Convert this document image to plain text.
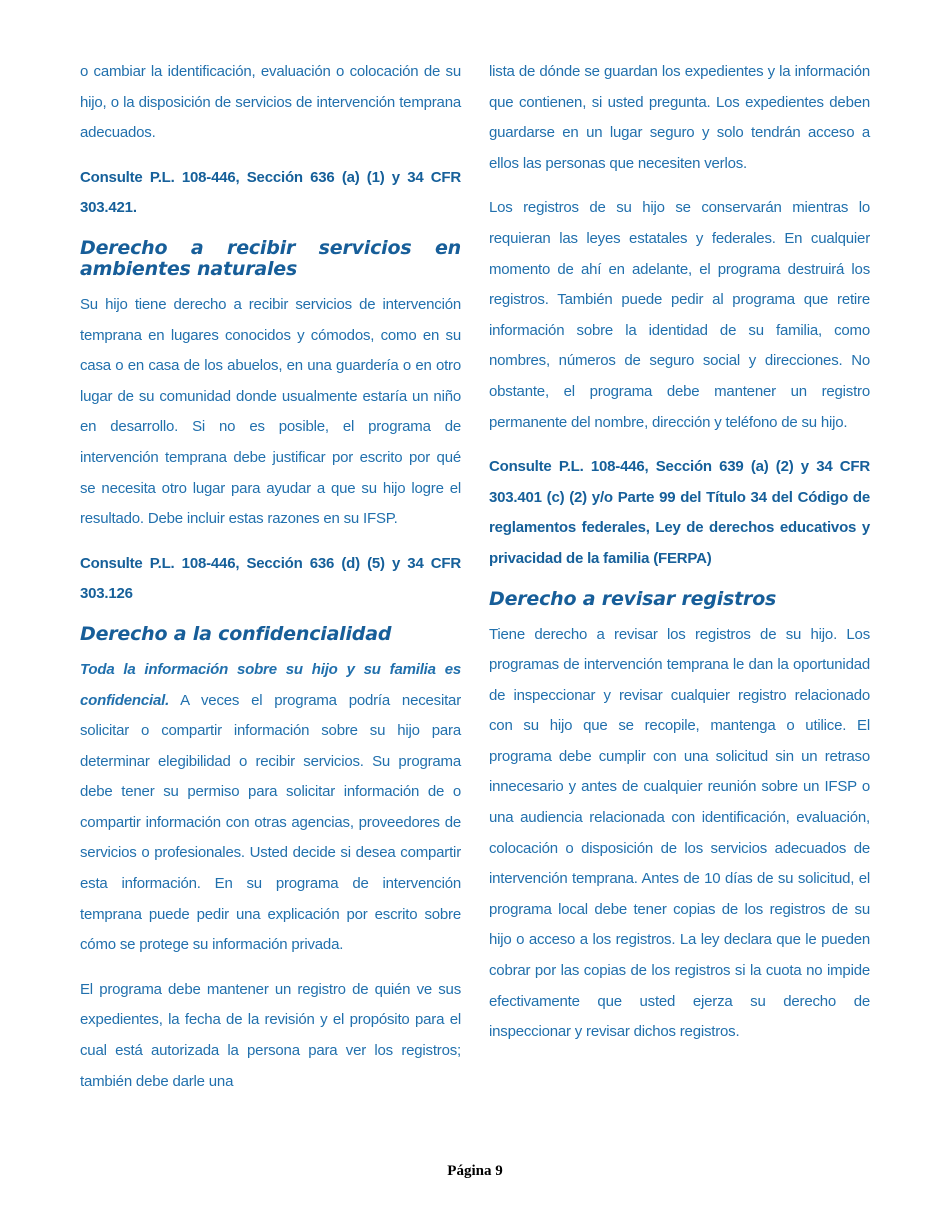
o cambiar la identificación, evaluación o colocación de su hijo, o la disposición de servicios de intervención temprana adecuados.

Consulte P.L. 108-446, Sección 636 (a) (1) y 34 CFR 303.421.

Derecho a recibir servicios en ambientes naturales

Su hijo tiene derecho a recibir servicios de intervención temprana en lugares conocidos y cómodos, como en su casa o en casa de los abuelos, en una guardería o en otro lugar de su comunidad donde usualmente estaría un niño en desarrollo. Si no es posible, el programa de intervención temprana debe justificar por escrito por qué se necesita otro lugar para ayudar a que su hijo logre el resultado. Debe incluir estas razones en su IFSP.

Consulte P.L. 108-446, Sección 636 (d) (5) y 34 CFR 303.126

Derecho a la confidencialidad

Toda la información sobre su hijo y su familia es confidencial. A veces el programa podría necesitar solicitar o compartir información sobre su hijo para determinar elegibilidad o recibir servicios. Su programa debe tener su permiso para solicitar información de o compartir información con otras agencias, proveedores de servicios o profesionales. Usted decide si desea compartir esta información. En su programa de intervención temprana puede pedir una explicación por escrito sobre cómo se protege su información privada.

El programa debe mantener un registro de quién ve sus expedientes, la fecha de la revisión y el propósito para el cual está autorizada la persona para ver los registros; también debe darle una

lista de dónde se guardan los expedientes y la información que contienen, si usted pregunta. Los expedientes deben guardarse en un lugar seguro y solo tendrán acceso a ellos las personas que necesiten verlos.

Los registros de su hijo se conservarán mientras lo requieran las leyes estatales y federales. En cualquier momento de ahí en adelante, el programa destruirá los registros. También puede pedir al programa que retire información sobre la identidad de su familia, como nombres, números de seguro social y direcciones. No obstante, el programa debe mantener un registro permanente del nombre, dirección y teléfono de su hijo.

Consulte P.L. 108-446, Sección 639 (a) (2) y 34 CFR 303.401 (c) (2) y/o Parte 99 del Título 34 del Código de reglamentos federales, Ley de derechos educativos y privacidad de la familia (FERPA)

Derecho a revisar registros

Tiene derecho a revisar los registros de su hijo. Los programas de intervención temprana le dan la oportunidad de inspeccionar y revisar cualquier registro relacionado con su hijo que se recopile, mantenga o utilice. El programa debe cumplir con una solicitud sin un retraso innecesario y antes de cualquier reunión sobre un IFSP o una audiencia relacionada con identificación, evaluación, colocación o disposición de los servicios adecuados de intervención temprana. Antes de 10 días de su solicitud, el programa local debe tener copias de los registros de su hijo o acceso a los registros. La ley declara que le pueden cobrar por las copias de los registros si la cuota no impide efectivamente que usted ejerza su derecho de inspeccionar y revisar dichos registros.

Página 9
